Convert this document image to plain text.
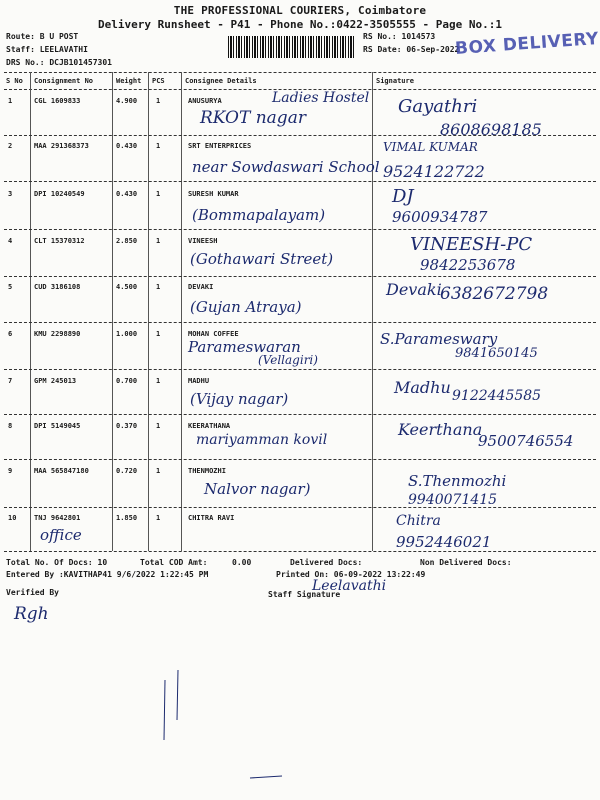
THE PROFESSIONAL COURIERS, Coimbatore
Delivery Runsheet - P41 - Phone No.:0422-3505555 - Page No.:1
Route: B U POST
Staff: LEELAVATHI
DRS No.: DCJB101457301
RS No.: 1014573
RS Date: 06-Sep-2022
BOX DELIVERY
S No Consignment No	Weight PCS	Consignee Details	Signature
1	CGL 1609833	4.900	1	ANUSURYA	Ladies Hostel
RKOT nagar
Gayathri
8608698185
2	MAA 291368373	0.430	1	SRT ENTERPRICES
near Sowdaswari School
VIMAL KUMAR
9524122722
3	DPI 10240549	0.430	1	SURESH KUMAR
(Bommapalayam)
DJ
9600934787
4	CLT 15370312	2.850	1	VINEESH
(Gothawari Street)
VINEESH-PC
9842253678
5	CUD 3186108	4.500	1	DEVAKI
(Gujan Atraya)
Devaki
6382672798
6	KMU 2298890	1.000	1	MOHAN COFFEE
Parameswaran
(Vellagiri)
S.Parameswary
9841650145
7	GPM 245013	0.700	1	MADHU
(Vijay nagar)
Madhu 9122445585
8	DPI 5149045	0.370	1	KEERATHANA
mariyamman kovil
Keerthana
9500746554
9	MAA 565847180	0.720	1	THENMOZHI
Nalvor nagar)	S.Thenmozhi
9940071415
10	TNJ 9642801	1.850	1	CHITRA RAVI
office
Chitra
9952446021
Total No. Of Docs: 10	Total COD Amt:	0.00	Delivered Docs:	Non Delivered Docs:
Entered By :KAVITHAP41 9/6/2022 1:22:45 PM	Printed On: 06-09-2022 13:22:49
Verified By	Staff Signature
Rgh
Leelavathi
